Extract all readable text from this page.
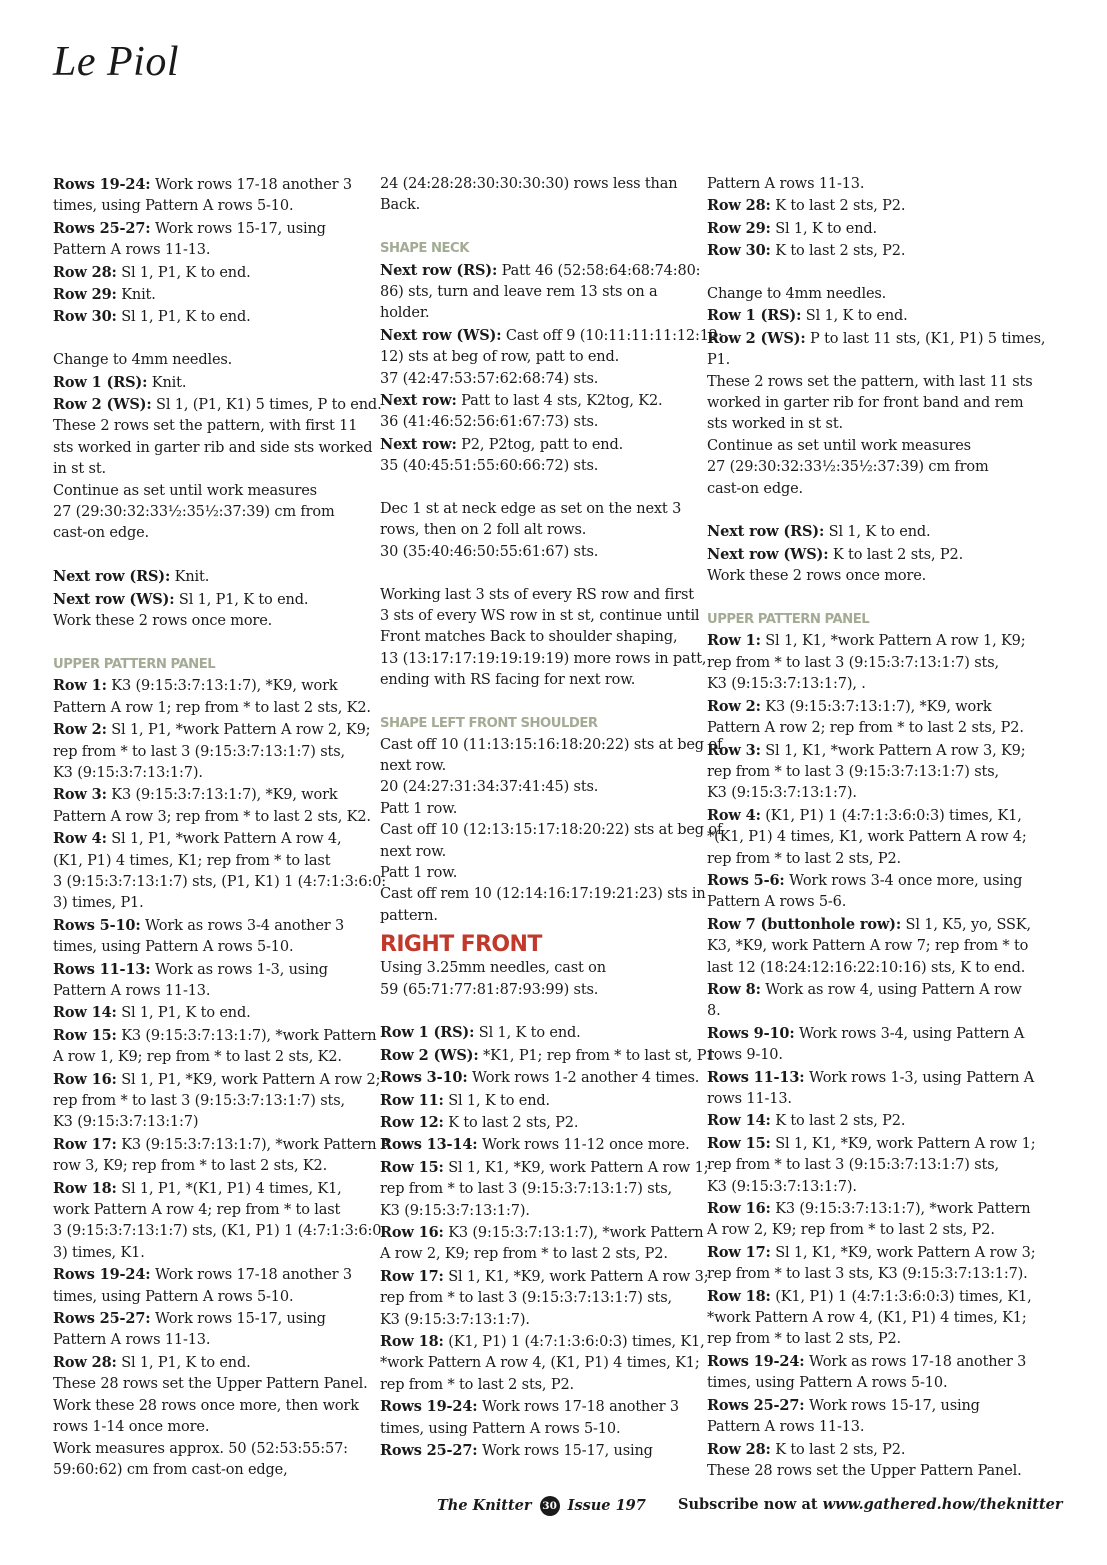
Le Piol
Rows 19-24: Work rows 17-18 another 3
times, using Pattern A rows 5-10.
Rows 25-27: Work rows 15-17, using
Pattern A rows 11-13.
Row 28: Sl 1, P1, K to end.
Row 29: Knit.
Row 30: Sl 1, P1, K to end.
Change to 4mm needles.
Row 1 (RS): Knit.
Row 2 (WS): Sl 1, (P1, K1) 5 times, P to end.
These 2 rows set the pattern, with first 11
sts worked in garter rib and side sts worked
in st st.
Continue as set until work measures
27 (29:30:32:33½:35½:37:39) cm from
cast-on edge.
Next row (RS): Knit.
Next row (WS): Sl 1, P1, K to end.
Work these 2 rows once more.
UPPER PATTERN PANEL
Row 1: K3 (9:15:3:7:13:1:7), *K9, work
Pattern A row 1; rep from * to last 2 sts, K2.
Row 2: Sl 1, P1, *work Pattern A row 2, K9;
rep from * to last 3 (9:15:3:7:13:1:7) sts,
K3 (9:15:3:7:13:1:7).
Row 3: K3 (9:15:3:7:13:1:7), *K9, work
Pattern A row 3; rep from * to last 2 sts, K2.
Row 4: Sl 1, P1, *work Pattern A row 4,
(K1, P1) 4 times, K1; rep from * to last
3 (9:15:3:7:13:1:7) sts, (P1, K1) 1 (4:7:1:3:6:0:
3) times, P1.
Rows 5-10: Work as rows 3-4 another 3
times, using Pattern A rows 5-10.
Rows 11-13: Work as rows 1-3, using
Pattern A rows 11-13.
Row 14: Sl 1, P1, K to end.
Row 15: K3 (9:15:3:7:13:1:7), *work Pattern
A row 1, K9; rep from * to last 2 sts, K2.
Row 16: Sl 1, P1, *K9, work Pattern A row 2;
rep from * to last 3 (9:15:3:7:13:1:7) sts,
K3 (9:15:3:7:13:1:7)
Row 17: K3 (9:15:3:7:13:1:7), *work Pattern A
row 3, K9; rep from * to last 2 sts, K2.
Row 18: Sl 1, P1, *(K1, P1) 4 times, K1,
work Pattern A row 4; rep from * to last
3 (9:15:3:7:13:1:7) sts, (K1, P1) 1 (4:7:1:3:6:0:
3) times, K1.
Rows 19-24: Work rows 17-18 another 3
times, using Pattern A rows 5-10.
Rows 25-27: Work rows 15-17, using
Pattern A rows 11-13.
Row 28: Sl 1, P1, K to end.
These 28 rows set the Upper Pattern Panel.
Work these 28 rows once more, then work
rows 1-14 once more.
Work measures approx. 50 (52:53:55:57:
59:60:62) cm from cast-on edge,
24 (24:28:28:30:30:30:30) rows less than
Back.
SHAPE NECK
Next row (RS): Patt 46 (52:58:64:68:74:80:
86) sts, turn and leave rem 13 sts on a
holder.
Next row (WS): Cast off 9 (10:11:11:11:12:12:
12) sts at beg of row, patt to end.
37 (42:47:53:57:62:68:74) sts.
Next row: Patt to last 4 sts, K2tog, K2.
36 (41:46:52:56:61:67:73) sts.
Next row: P2, P2tog, patt to end.
35 (40:45:51:55:60:66:72) sts.
Dec 1 st at neck edge as set on the next 3
rows, then on 2 foll alt rows.
30 (35:40:46:50:55:61:67) sts.
Working last 3 sts of every RS row and first
3 sts of every WS row in st st, continue until
Front matches Back to shoulder shaping,
13 (13:17:17:19:19:19:19) more rows in patt,
ending with RS facing for next row.
SHAPE LEFT FRONT SHOULDER
Cast off 10 (11:13:15:16:18:20:22) sts at beg of
next row.
20 (24:27:31:34:37:41:45) sts.
Patt 1 row.
Cast off 10 (12:13:15:17:18:20:22) sts at beg of
next row.
Patt 1 row.
Cast off rem 10 (12:14:16:17:19:21:23) sts in
pattern.
RIGHT FRONT
Using 3.25mm needles, cast on
59 (65:71:77:81:87:93:99) sts.
Row 1 (RS): Sl 1, K to end.
Row 2 (WS): *K1, P1; rep from * to last st, P1.
Rows 3-10: Work rows 1-2 another 4 times.
Row 11: Sl 1, K to end.
Row 12: K to last 2 sts, P2.
Rows 13-14: Work rows 11-12 once more.
Row 15: Sl 1, K1, *K9, work Pattern A row 1;
rep from * to last 3 (9:15:3:7:13:1:7) sts,
K3 (9:15:3:7:13:1:7).
Row 16: K3 (9:15:3:7:13:1:7), *work Pattern
A row 2, K9; rep from * to last 2 sts, P2.
Row 17: Sl 1, K1, *K9, work Pattern A row 3;
rep from * to last 3 (9:15:3:7:13:1:7) sts,
K3 (9:15:3:7:13:1:7).
Row 18: (K1, P1) 1 (4:7:1:3:6:0:3) times, K1,
*work Pattern A row 4, (K1, P1) 4 times, K1;
rep from * to last 2 sts, P2.
Rows 19-24: Work rows 17-18 another 3
times, using Pattern A rows 5-10.
Rows 25-27: Work rows 15-17, using
Pattern A rows 11-13.
Row 28: K to last 2 sts, P2.
Row 29: Sl 1, K to end.
Row 30: K to last 2 sts, P2.
Change to 4mm needles.
Row 1 (RS): Sl 1, K to end.
Row 2 (WS): P to last 11 sts, (K1, P1) 5 times,
P1.
These 2 rows set the pattern, with last 11 sts
worked in garter rib for front band and rem
sts worked in st st.
Continue as set until work measures
27 (29:30:32:33½:35½:37:39) cm from
cast-on edge.
Next row (RS): Sl 1, K to end.
Next row (WS): K to last 2 sts, P2.
Work these 2 rows once more.
UPPER PATTERN PANEL
Row 1: Sl 1, K1, *work Pattern A row 1, K9;
rep from * to last 3 (9:15:3:7:13:1:7) sts,
K3 (9:15:3:7:13:1:7), .
Row 2: K3 (9:15:3:7:13:1:7), *K9, work
Pattern A row 2; rep from * to last 2 sts, P2.
Row 3: Sl 1, K1, *work Pattern A row 3, K9;
rep from * to last 3 (9:15:3:7:13:1:7) sts,
K3 (9:15:3:7:13:1:7).
Row 4: (K1, P1) 1 (4:7:1:3:6:0:3) times, K1,
*(K1, P1) 4 times, K1, work Pattern A row 4;
rep from * to last 2 sts, P2.
Rows 5-6: Work rows 3-4 once more, using
Pattern A rows 5-6.
Row 7 (buttonhole row): Sl 1, K5, yo, SSK,
K3, *K9, work Pattern A row 7; rep from * to
last 12 (18:24:12:16:22:10:16) sts, K to end.
Row 8: Work as row 4, using Pattern A row
8.
Rows 9-10: Work rows 3-4, using Pattern A
rows 9-10.
Rows 11-13: Work rows 1-3, using Pattern A
rows 11-13.
Row 14: K to last 2 sts, P2.
Row 15: Sl 1, K1, *K9, work Pattern A row 1;
rep from * to last 3 (9:15:3:7:13:1:7) sts,
K3 (9:15:3:7:13:1:7).
Row 16: K3 (9:15:3:7:13:1:7), *work Pattern
A row 2, K9; rep from * to last 2 sts, P2.
Row 17: Sl 1, K1, *K9, work Pattern A row 3;
rep from * to last 3 sts, K3 (9:15:3:7:13:1:7).
Row 18: (K1, P1) 1 (4:7:1:3:6:0:3) times, K1,
*work Pattern A row 4, (K1, P1) 4 times, K1;
rep from * to last 2 sts, P2.
Rows 19-24: Work as rows 17-18 another 3
times, using Pattern A rows 5-10.
Rows 25-27: Work rows 15-17, using
Pattern A rows 11-13.
Row 28: K to last 2 sts, P2.
These 28 rows set the Upper Pattern Panel.
The Knitter 30 Issue 197 Subscribe now at www.gathered.how/theknitter
